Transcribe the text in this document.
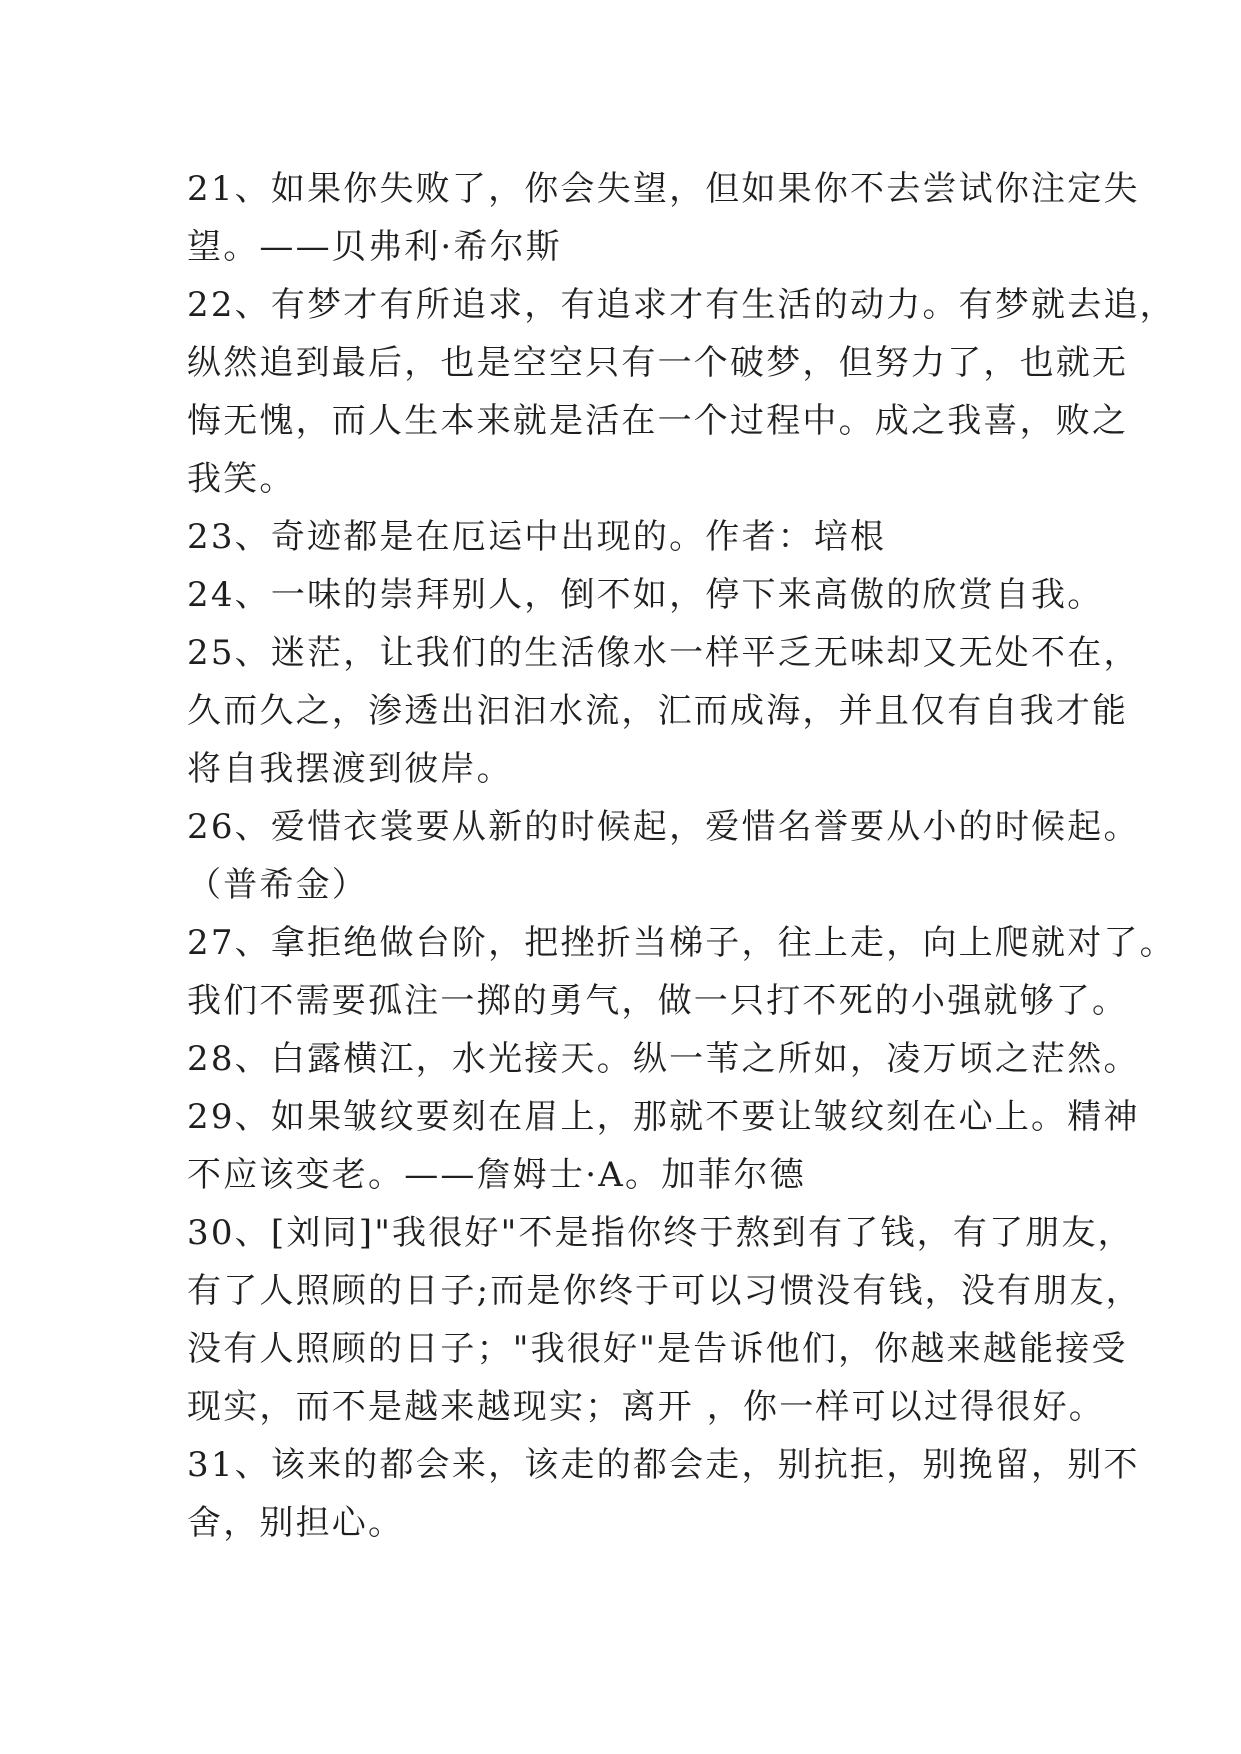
21、如果你失败了，你会失望，但如果你不去尝试你注定失
望。——贝弗利·希尔斯
22、有梦才有所追求，有追求才有生活的动力。有梦就去追，
纵然追到最后，也是空空只有一个破梦，但努力了，也就无
悔无愧，而人生本来就是活在一个过程中。成之我喜，败之
我笑。
23、奇迹都是在厄运中出现的。作者：培根
24、一味的崇拜别人，倒不如，停下来高傲的欣赏自我。
25、迷茫，让我们的生活像水一样平乏无味却又无处不在，
久而久之，渗透出汩汩水流，汇而成海，并且仅有自我才能
将自我摆渡到彼岸。
26、爱惜衣裳要从新的时候起，爱惜名誉要从小的时候起。
（普希金）
27、拿拒绝做台阶，把挫折当梯子，往上走，向上爬就对了。
我们不需要孤注一掷的勇气，做一只打不死的小强就够了。
28、白露横江，水光接天。纵一苇之所如，凌万顷之茫然。
29、如果皱纹要刻在眉上，那就不要让皱纹刻在心上。精神
不应该变老。——詹姆士·A。加菲尔德
30、[刘同]"我很好"不是指你终于熬到有了钱，有了朋友，
有了人照顾的日子;而是你终于可以习惯没有钱，没有朋友，
没有人照顾的日子；"我很好"是告诉他们，你越来越能接受
现实，而不是越来越现实；离开 ，你一样可以过得很好。
31、该来的都会来，该走的都会走，别抗拒，别挽留，别不
舍，别担心。
